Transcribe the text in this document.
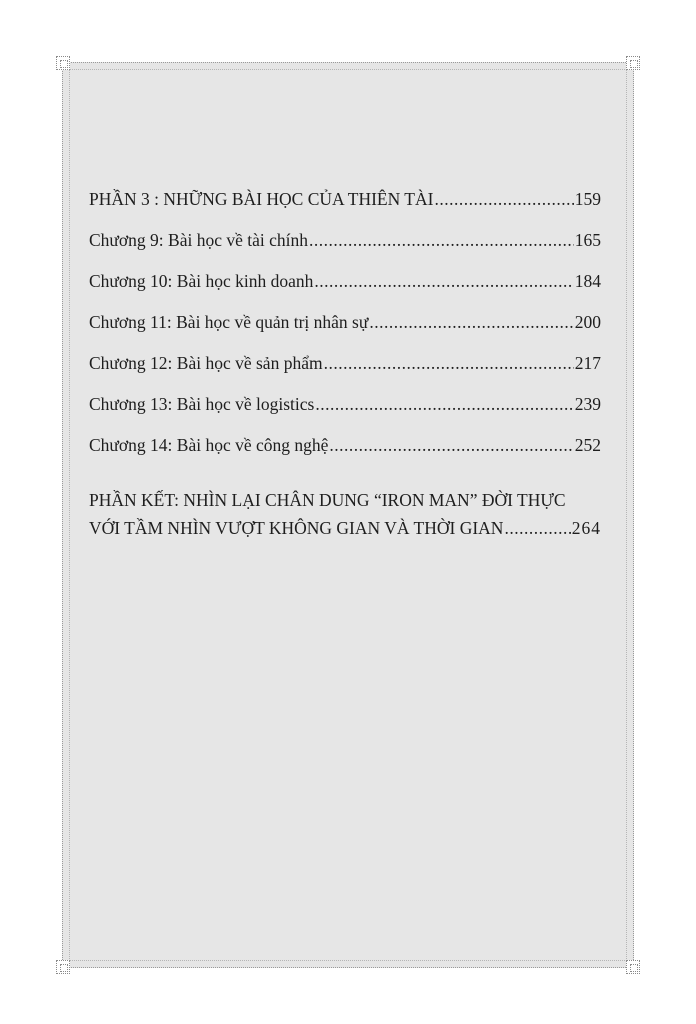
PHẦN 3 : NHỮNG BÀI HỌC CỦA THIÊN TÀI .....	159
Chương 9: Bài học về tài chính .....	165
Chương 10: Bài học kinh doanh .....	184
Chương 11: Bài học về quản trị nhân sự .....	200
Chương 12: Bài học về sản phẩm .....	217
Chương 13: Bài học về logistics .....	239
Chương 14: Bài học về công nghệ .....	252
PHẦN KẾT: NHÌN LẠI CHÂN DUNG “IRON MAN” ĐỜI THỰC
VỚI TẦM NHÌN VƯỢT KHÔNG GIAN VÀ THỜI GIAN .....	264
